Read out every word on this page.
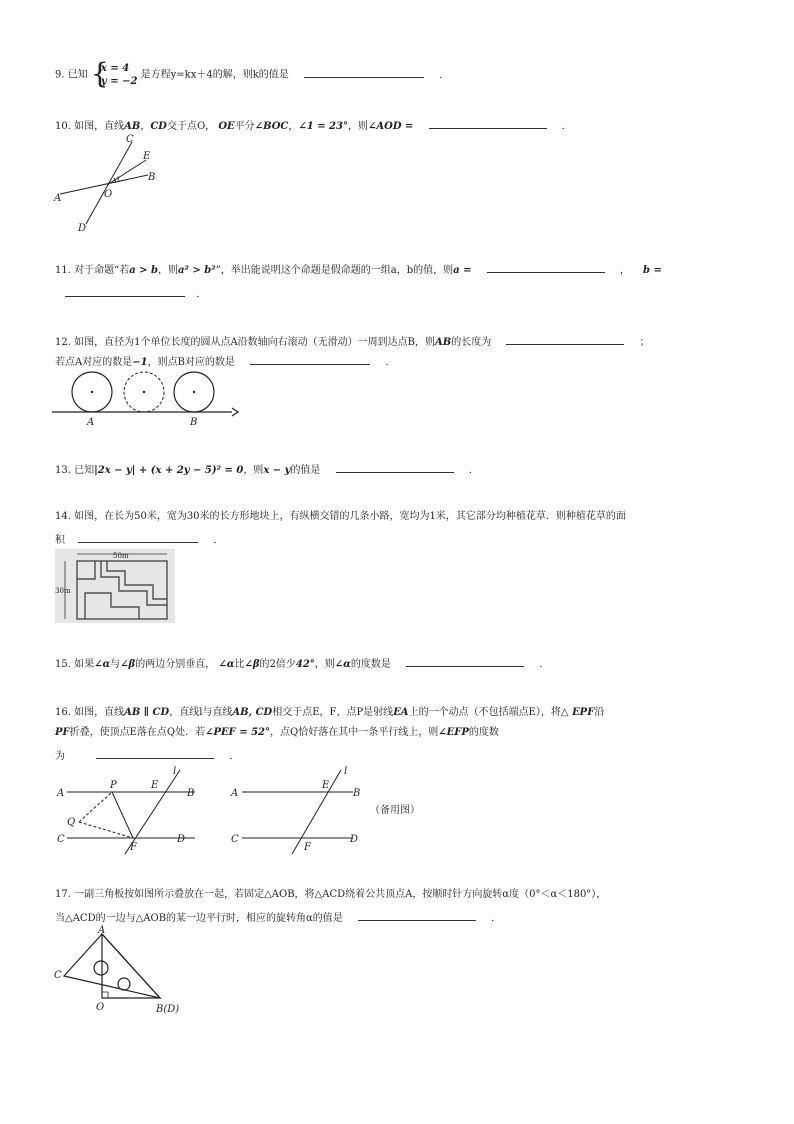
9. 已知 {
x = 4
y = −2
是方程y=kx＋4的解，则k的值是	．
10. 如图，直线AB，CD交于点O， OE平分∠BOC，∠1 = 23°，则∠AOD =	．
C
E
B
A	O
D
1
11. 对于命题“若a > b，则a² > b²”，举出能说明这个命题是假命题的一组a，b的值，则a =	， b =
．
12. 如图，直径为1个单位长度的圆从点A沿数轴向右滚动（无滑动）一周到达点B，则AB的长度为	；
若点A对应的数是−1，则点B对应的数是	．
A	B
13. 已知|2x − y| + (x + 2y − 5)² = 0，则x − y的值是	．
14. 如图，在长为50米，宽为30米的长方形地块上，有纵横交错的几条小路，宽均为1米，其它部分均种植花草．则种植花草的面
积	．
50m
30m
15. 如果∠α与∠β的两边分别垂直， ∠α比∠β的2倍少42°，则∠α的度数是	．
16. 如图，直线AB ∥ CD，直线l与直线AB, CD相交于点E，F，点P是射线EA上的一个动点（不包括端点E），将△ EPF沿
PF折叠，使顶点E落在点Q处．若∠PEF = 52°，点Q恰好落在其中一条平行线上，则∠EFP的度数
为	．
A
P	E
l
B
Q
C
F
D
A
E
l
B
C
F
D
（备用图）
17. 一副三角板按如图所示叠放在一起，若固定△AOB，将△ACD绕着公共顶点A，按顺时针方向旋转α度（0°＜α＜180°），
当△ACD的一边与△AOB的某一边平行时，相应的旋转角α的值是	．
A
C
O	B(D)
